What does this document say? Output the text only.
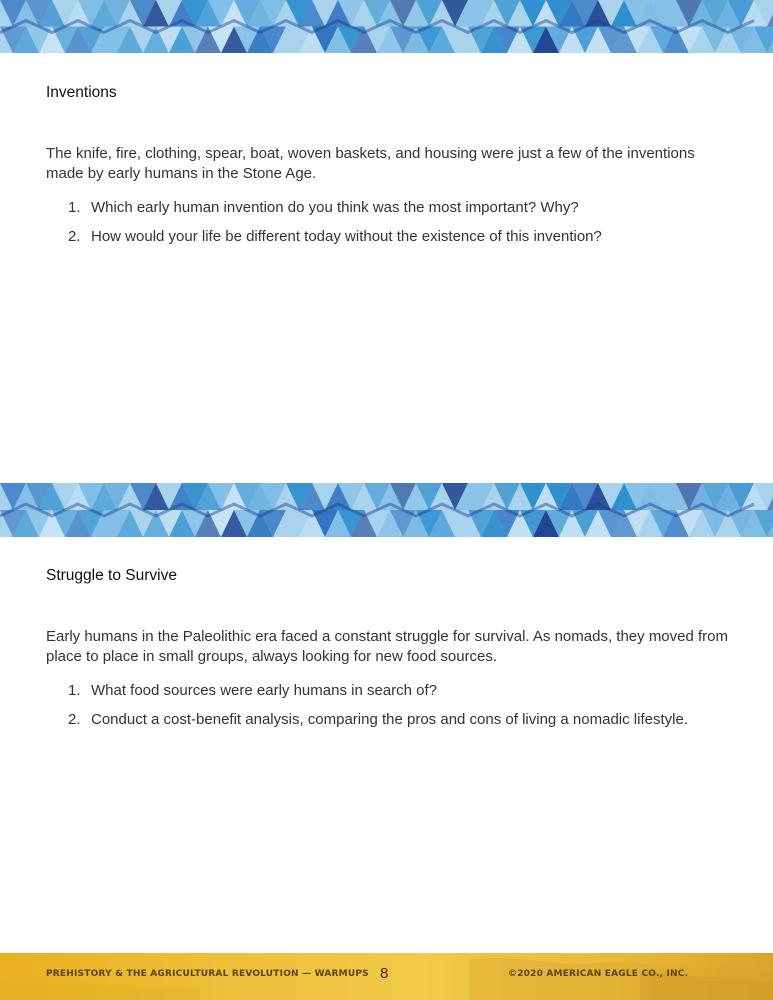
Inventions

The knife, fire, clothing, spear, boat, woven baskets, and housing were just a few of the inventions made by early humans in the Stone Age.

1. Which early human invention do you think was the most important? Why?
2. How would your life be different today without the existence of this invention?
Struggle to Survive

Early humans in the Paleolithic era faced a constant struggle for survival. As nomads, they moved from place to place in small groups, always looking for new food sources.

1. What food sources were early humans in search of?
2. Conduct a cost-benefit analysis, comparing the pros and cons of living a nomadic lifestyle.
PREHISTORY & THE AGRICULTURAL REVOLUTION — WARMUPS 8	©2020 AMERICAN EAGLE CO., INC.
